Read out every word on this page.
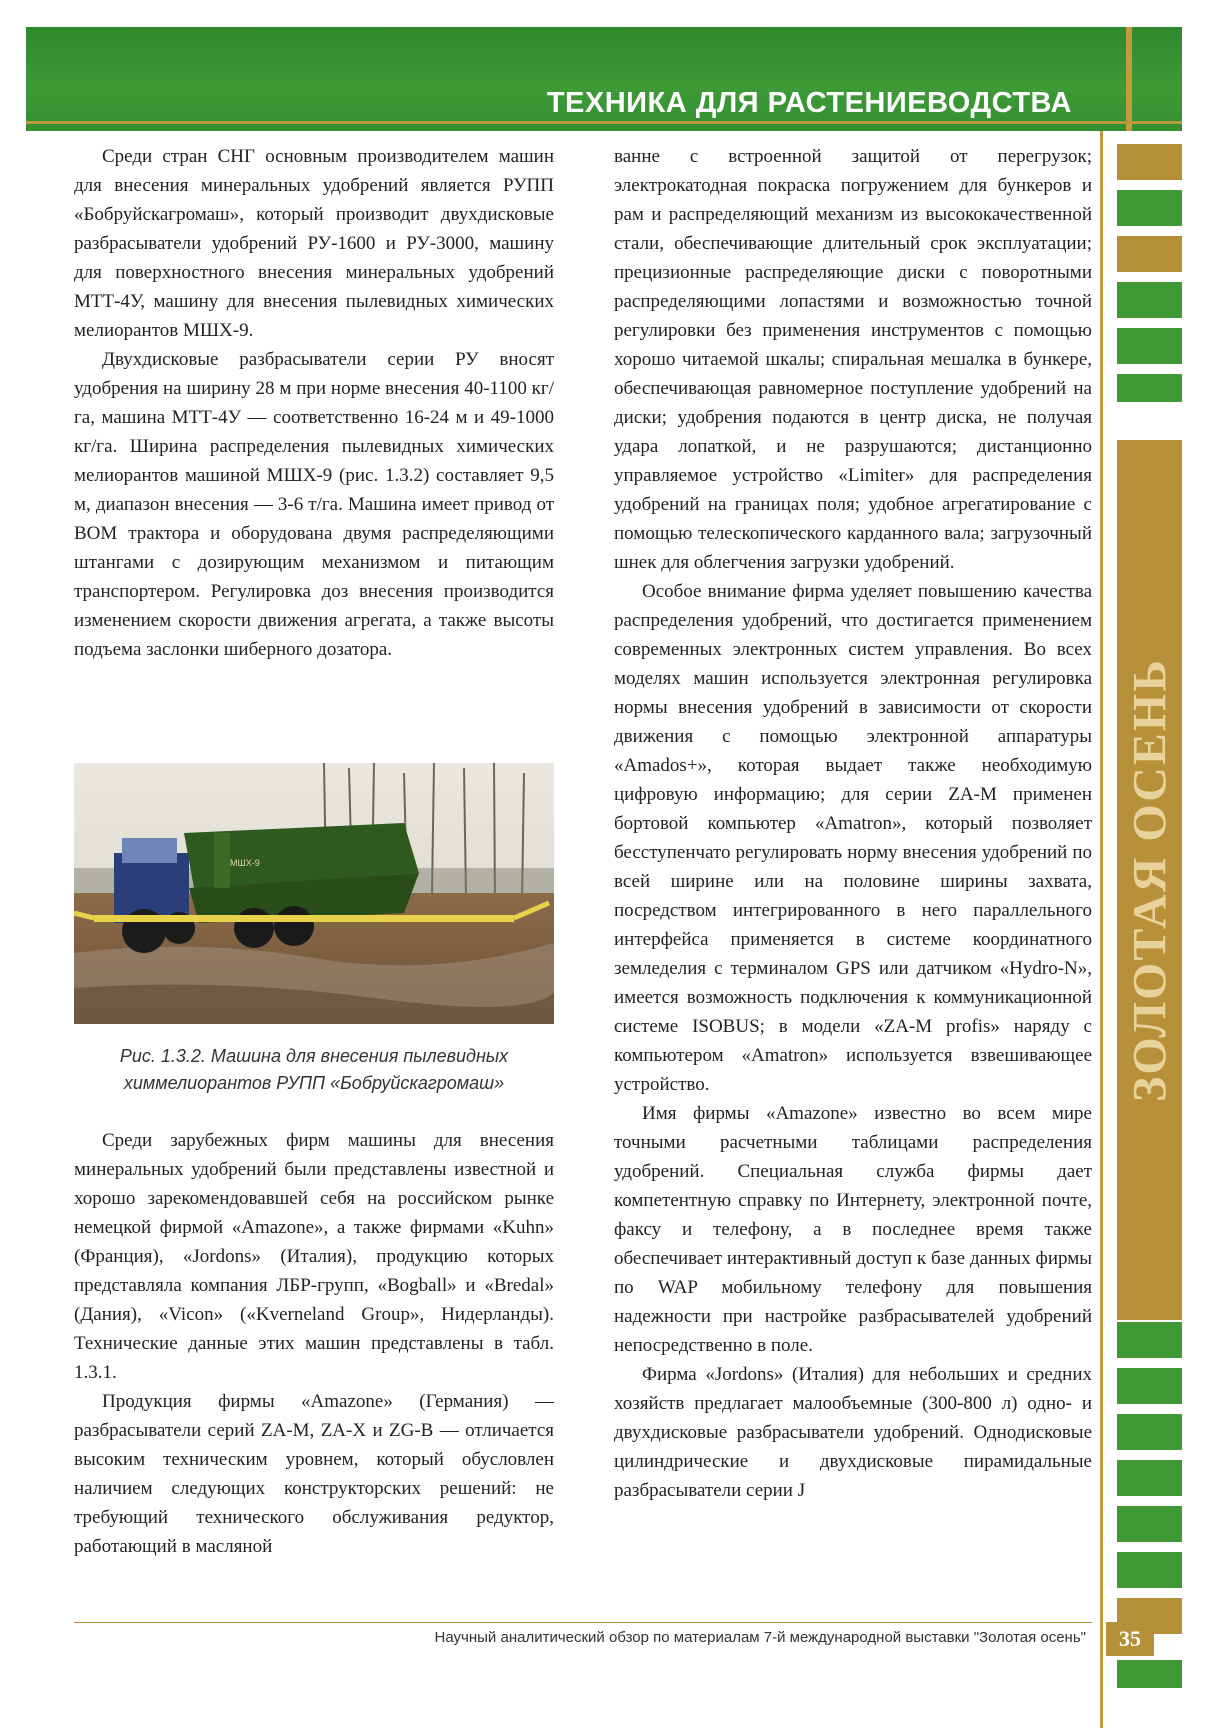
ТЕХНИКА ДЛЯ РАСТЕНИЕВОДСТВА
ЗОЛОТАЯ ОСЕНЬ

Среди стран СНГ основным производителем машин для внесения минеральных удобрений является РУПП «Бобруйскагромаш», который производит двухдисковые разбрасыватели удобрений РУ-1600 и РУ-3000, машину для поверхностного внесения минеральных удобрений МТТ-4У, машину для внесения пылевидных химических мелиорантов МШХ-9.

Двухдисковые разбрасыватели серии РУ вносят удобрения на ширину 28 м при норме внесения 40-1100 кг/га, машина МТТ-4У — соответственно 16-24 м и 49-1000 кг/га. Ширина распределения пылевидных химических мелиорантов машиной МШХ-9 (рис. 1.3.2) составляет 9,5 м, диапазон внесения — 3-6 т/га. Машина имеет привод от ВОМ трактора и оборудована двумя распределяющими штангами с дозирующим механизмом и питающим транспортером. Регулировка доз внесения производится изменением скорости движения агрегата, а также высоты подъема заслонки шиберного дозатора.

МШХ-9
Рис. 1.3.2. Машина для внесения пылевидных химмелиорантов РУПП «Бобруйскагромаш»

Среди зарубежных фирм машины для внесения минеральных удобрений были представлены известной и хорошо зарекомендовавшей себя на российском рынке немецкой фирмой «Amazone», а также фирмами «Kuhn» (Франция), «Jordons» (Италия), продукцию которых представляла компания ЛБР-групп, «Bogball» и «Bredal» (Дания), «Vicon» («Kverneland Group», Нидерланды). Технические данные этих машин представлены в табл. 1.3.1.

Продукция фирмы «Amazone» (Германия) — разбрасыватели серий ZA-M, ZA-X и ZG-B — отличается высоким техническим уровнем, который обусловлен наличием следующих конструкторских решений: не требующий технического обслуживания редуктор, работающий в масляной

ванне с встроенной защитой от перегрузок; электрокатодная покраска погружением для бункеров и рам и распределяющий механизм из высококачественной стали, обеспечивающие длительный срок эксплуатации; прецизионные распределяющие диски с поворотными распределяющими лопастями и возможностью точной регулировки без применения инструментов с помощью хорошо читаемой шкалы; спиральная мешалка в бункере, обеспечивающая равномерное поступление удобрений на диски; удобрения подаются в центр диска, не получая удара лопаткой, и не разрушаются; дистанционно управляемое устройство «Limiter» для распределения удобрений на границах поля; удобное агрегатирование с помощью телескопического карданного вала; загрузочный шнек для облегчения загрузки удобрений.

Особое внимание фирма уделяет повышению качества распределения удобрений, что достигается применением современных электронных систем управления. Во всех моделях машин используется электронная регулировка нормы внесения удобрений в зависимости от скорости движения с помощью электронной аппаратуры «Amados+», которая выдает также необходимую цифровую информацию; для серии ZA-M применен бортовой компьютер «Amatron», который позволяет бесступенчато регулировать норму внесения удобрений по всей ширине или на половине ширины захвата, посредством интегрированного в него параллельного интерфейса применяется в системе координатного земледелия с терминалом GPS или датчиком «Hydro-N», имеется возможность подключения к коммуникационной системе ISOBUS; в модели «ZA-M profis» наряду с компьютером «Amatron» используется взвешивающее устройство.

Имя фирмы «Amazone» известно во всем мире точными расчетными таблицами распределения удобрений. Специальная служба фирмы дает компетентную справку по Интернету, электронной почте, факсу и телефону, а в последнее время также обеспечивает интерактивный доступ к базе данных фирмы по WAP мобильному телефону для повышения надежности при настройке разбрасывателей удобрений непосредственно в поле.

Фирма «Jordons» (Италия) для небольших и средних хозяйств предлагает малообъемные (300-800 л) одно- и двухдисковые разбрасыватели удобрений. Однодисковые цилиндрические и двухдисковые пирамидальные разбрасыватели серии J

Научный аналитический обзор по материалам 7-й международной выставки "Золотая осень"	35
